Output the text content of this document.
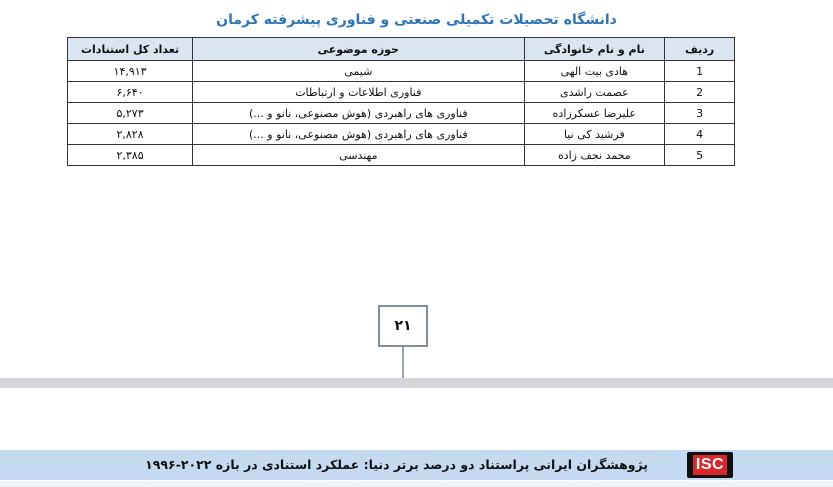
دانشگاه تحصیلات تکمیلی صنعتی و فناوری پیشرفته کرمان
ردیف	نام و نام خانوادگی	حوزه موضوعی	تعداد کل استنادات
1	هادی بیت الهی	شیمی	۱۴,۹۱۳
2	عصمت راشدی	فناوری اطلاعات و ارتباطات	۶,۶۴۰
3	علیرضا عسکرزاده	فناوری های راهبردی (هوش مصنوعی، نانو و ...)	۵,۲۷۳
4	فرشید کی نیا	فناوری های راهبردی (هوش مصنوعی، نانو و ...)	۲,۸۲۸
5	محمد نجف زاده	مهندسی	۲,۳۸۵
۲۱
ISC
پژوهشگران ایرانی پراستناد دو درصد برتر دنیا: عملکرد استنادی در بازه ۲۰۲۲-۱۹۹۶
